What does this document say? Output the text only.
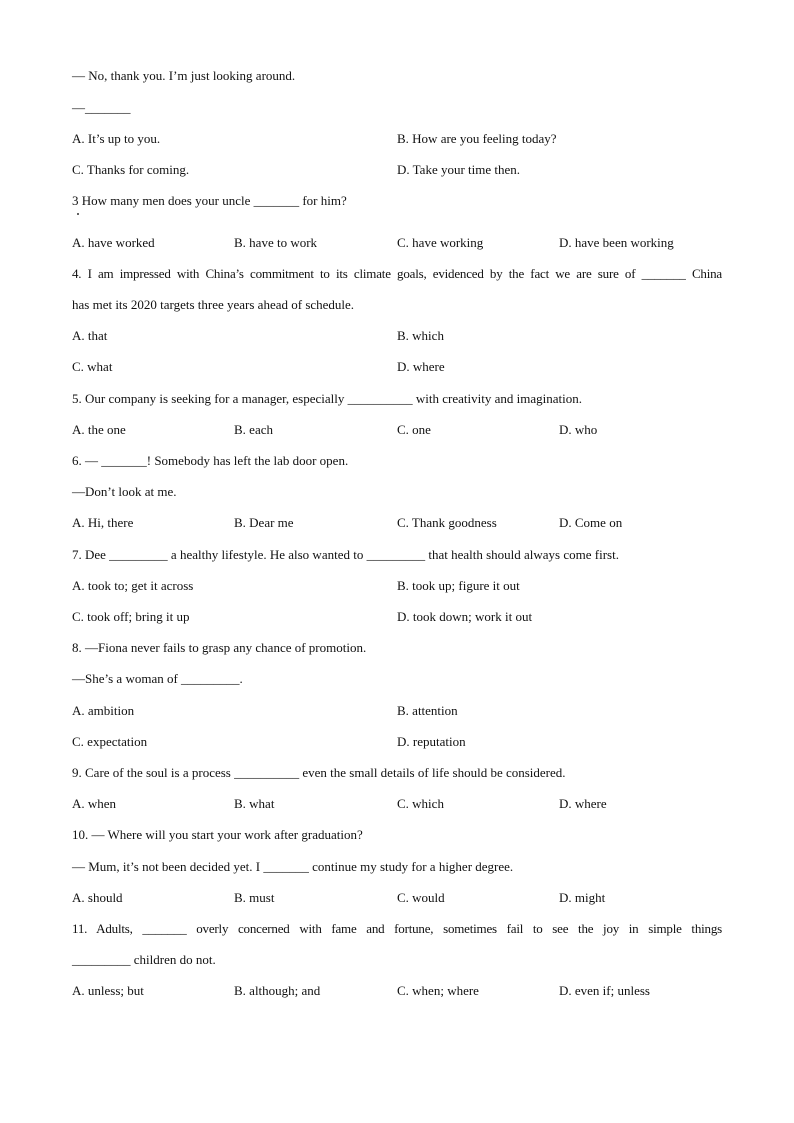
— No, thank you. I’m just looking around.
—_______
A. It’s up to you.	B. How are you feeling today?
C. Thanks for coming.	D. Take your time then.
3 How many men does your uncle _______ for him?
A. have worked	B. have to work	C. have working	D. have been working
4. I am impressed with China’s commitment to its climate goals, evidenced by the fact we are sure of _______ China
has met its 2020 targets three years ahead of schedule.
A. that	B. which
C. what	D. where
5. Our company is seeking for a manager, especially __________ with creativity and imagination.
A. the one	B. each	C. one	D. who
6. — _______! Somebody has left the lab door open.
—Don’t look at me.
A. Hi, there	B. Dear me	C. Thank goodness	D. Come on
7. Dee _________ a healthy lifestyle. He also wanted to _________ that health should always come first.
A. took to; get it across	B. took up; figure it out
C. took off; bring it up	D. took down; work it out
8. —Fiona never fails to grasp any chance of promotion.
—She’s a woman of _________.
A. ambition	B. attention
C. expectation	D. reputation
9. Care of the soul is a process __________ even the small details of life should be considered.
A. when	B. what	C. which	D. where
10. — Where will you start your work after graduation?
— Mum, it’s not been decided yet. I _______ continue my study for a higher degree.
A. should	B. must	C. would	D. might
11. Adults, _______ overly concerned with fame and fortune, sometimes fail to see the joy in simple things
_________ children do not.
A. unless; but	B. although; and	C. when; where	D. even if; unless
